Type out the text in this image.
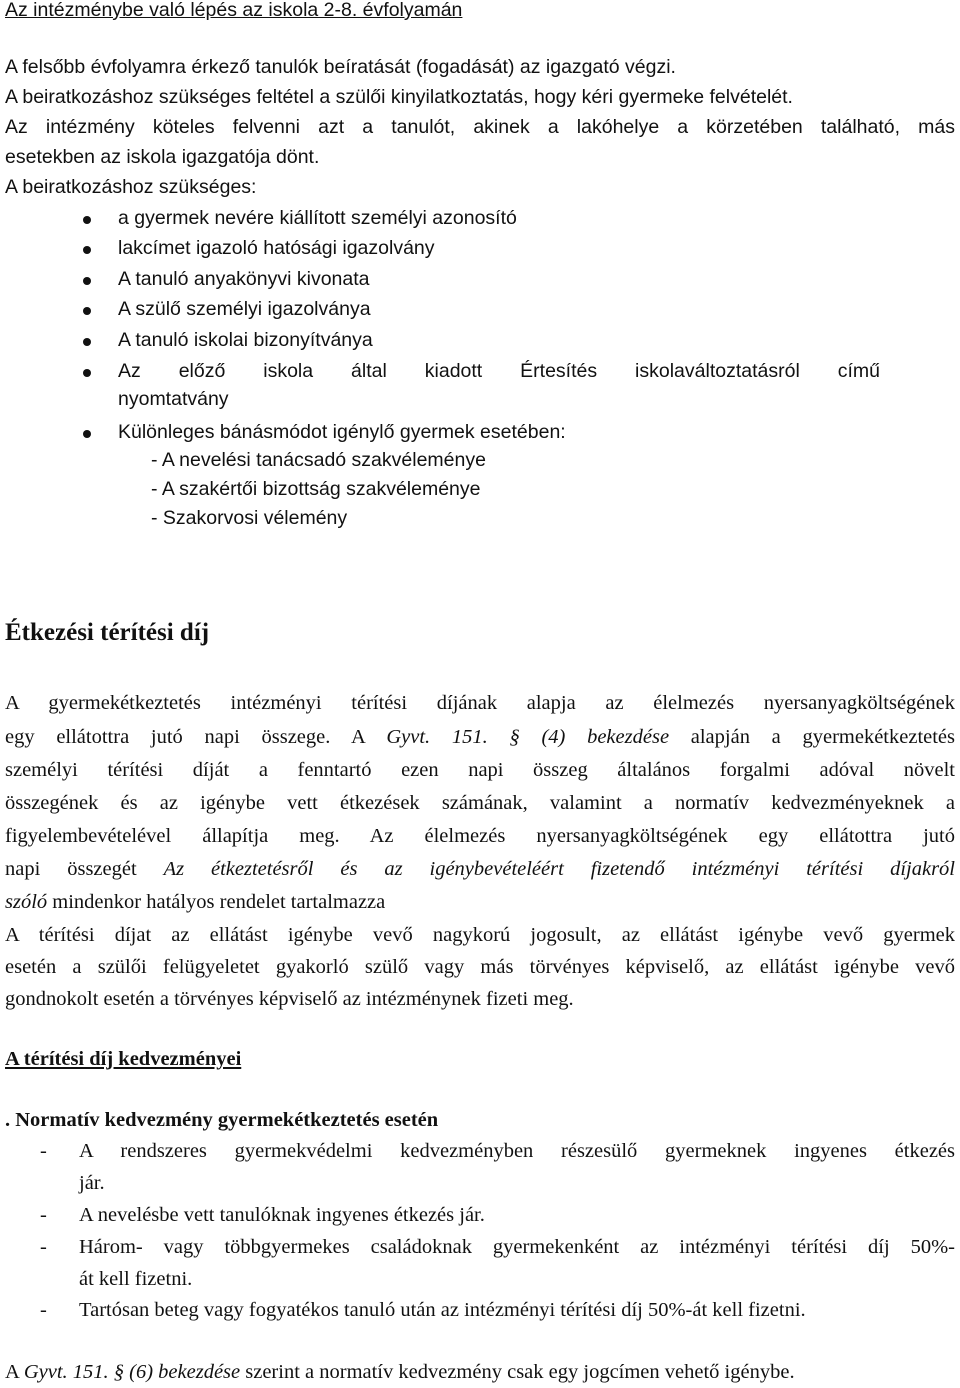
Az intézménybe való lépés az iskola 2-8. évfolyamán
A felsőbb évfolyamra érkező tanulók beíratását (fogadását) az igazgató végzi.
A beiratkozáshoz szükséges feltétel a szülői kinyilatkoztatás, hogy kéri gyermeke felvételét.
Az intézmény köteles felvenni azt a tanulót, akinek a lakóhelye a körzetében található, más
esetekben az iskola igazgatója dönt.
A beiratkozáshoz szükséges:
a gyermek nevére kiállított személyi azonosító
lakcímet igazoló hatósági igazolvány
A tanuló anyakönyvi kivonata
A szülő személyi igazolványa
A tanuló iskolai bizonyítványa
Az előző iskola által kiadott Értesítés iskolaváltoztatásról című
nyomtatvány
Különleges bánásmódot igénylő gyermek esetében:
- A nevelési tanácsadó szakvéleménye
- A szakértői bizottság szakvéleménye
- Szakorvosi vélemény
Étkezési térítési díj
A gyermekétkeztetés intézményi térítési díjának alapja az élelmezés nyersanyagköltségének
egy ellátottra jutó napi összege. A Gyvt. 151. § (4) bekezdése alapján a gyermekétkeztetés
személyi térítési díját a fenntartó ezen napi összeg általános forgalmi adóval növelt
összegének és az igénybe vett étkezések számának, valamint a normatív kedvezményeknek a
figyelembevételével állapítja meg. Az élelmezés nyersanyagköltségének egy ellátottra jutó
napi összegét Az étkeztetésről és az igénybevételéért fizetendő intézményi térítési díjakról
szóló mindenkor hatályos rendelet tartalmazza
A térítési díjat az ellátást igénybe vevő nagykorú jogosult, az ellátást igénybe vevő gyermek
esetén a szülői felügyeletet gyakorló szülő vagy más törvényes képviselő, az ellátást igénybe vevő
gondnokolt esetén a törvényes képviselő az intézménynek fizeti meg.
A térítési díj kedvezményei
. Normatív kedvezmény gyermekétkeztetés esetén
- A rendszeres gyermekvédelmi kedvezményben részesülő gyermeknek ingyenes étkezés
jár.
- A nevelésbe vett tanulóknak ingyenes étkezés jár.
- Három- vagy többgyermekes családoknak gyermekenként az intézményi térítési díj 50%-
át kell fizetni.
- Tartósan beteg vagy fogyatékos tanuló után az intézményi térítési díj 50%-át kell fizetni.
A Gyvt. 151. § (6) bekezdése szerint a normatív kedvezmény csak egy jogcímen vehető igénybe.
